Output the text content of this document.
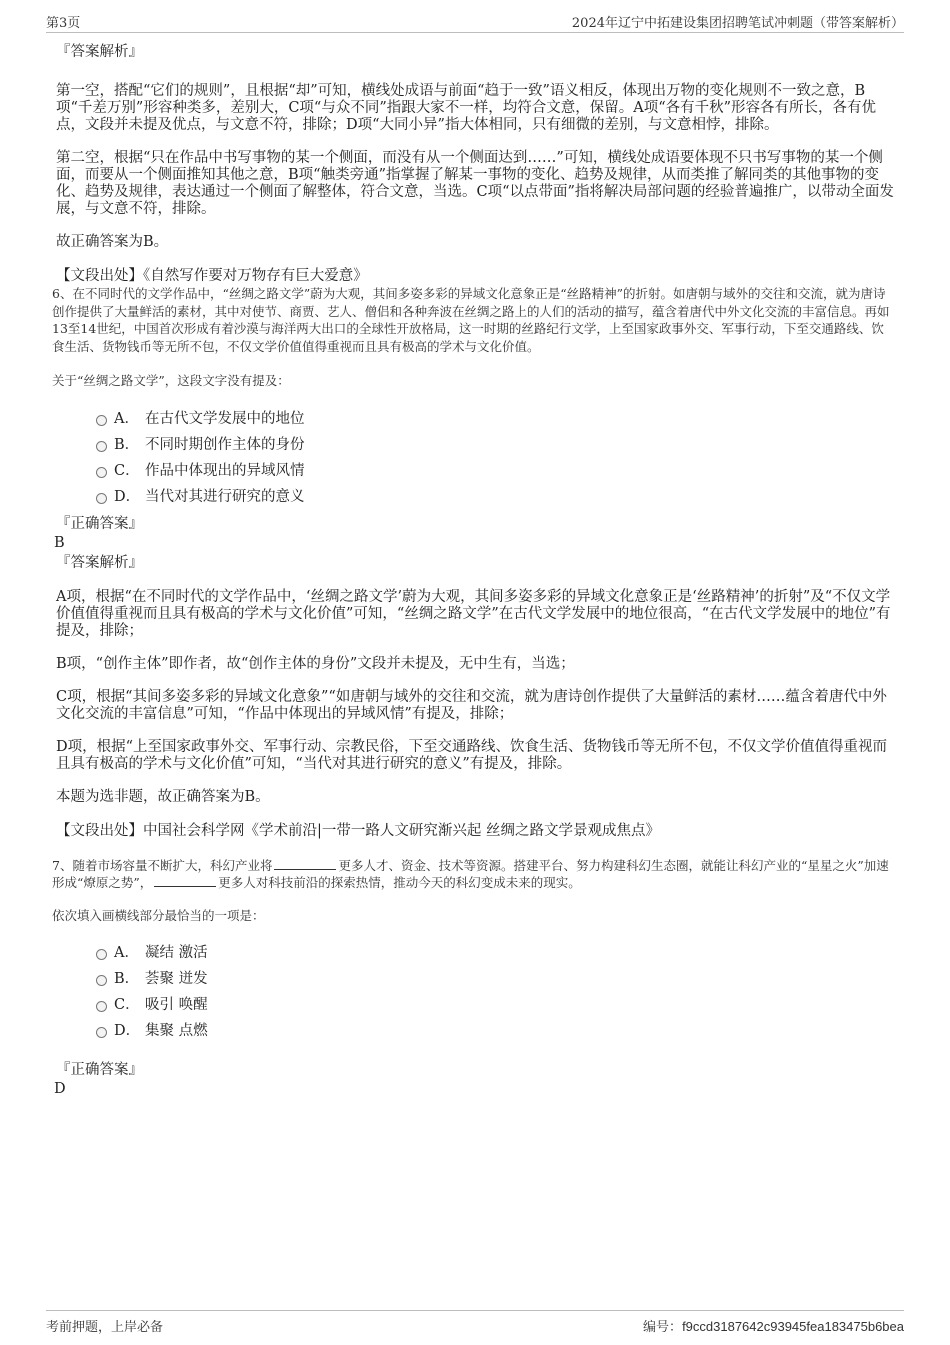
第3页	2024年辽宁中拓建设集团招聘笔试冲刺题（带答案解析）
『答案解析』

第一空，搭配“它们的规则”，且根据“却”可知，横线处成语与前面“趋于一致”语义相反，体现出万物的变化规则不一致之意，B项“千差万别”形容种类多，差别大，C项“与众不同”指跟大家不一样，均符合文意，保留。A项“各有千秋”形容各有所长，各有优点，文段并未提及优点，与文意不符，排除；D项“大同小异”指大体相同，只有细微的差别，与文意相悖，排除。

第二空，根据“只在作品中书写事物的某一个侧面，而没有从一个侧面达到……”可知，横线处成语要体现不只书写事物的某一个侧面，而要从一个侧面推知其他之意，B项“触类旁通”指掌握了解某一事物的变化、趋势及规律，从而类推了解同类的其他事物的变化、趋势及规律，表达通过一个侧面了解整体，符合文意，当选。C项“以点带面”指将解决局部问题的经验普遍推广，以带动全面发展，与文意不符，排除。

故正确答案为B。

【文段出处】《自然写作要对万物存有巨大爱意》

6、在不同时代的文学作品中，“丝绸之路文学”蔚为大观，其间多姿多彩的异域文化意象正是“丝路精神”的折射。如唐朝与域外的交往和交流，就为唐诗创作提供了大量鲜活的素材，其中对使节、商贾、艺人、僧侣和各种奔波在丝绸之路上的人们的活动的描写，蕴含着唐代中外文化交流的丰富信息。再如13至14世纪，中国首次形成有着沙漠与海洋两大出口的全球性开放格局，这一时期的丝路纪行文学，上至国家政事外交、军事行动，下至交通路线、饮食生活、货物钱币等无所不包，不仅文学价值值得重视而且具有极高的学术与文化价值。

关于“丝绸之路文学”，这段文字没有提及：

A． 在古代文学发展中的地位
B． 不同时期创作主体的身份
C． 作品中体现出的异域风情
D． 当代对其进行研究的意义
『正确答案』
B
『答案解析』

A项，根据“在不同时代的文学作品中，‘丝绸之路文学’蔚为大观，其间多姿多彩的异域文化意象正是‘丝路精神’的折射”及“不仅文学价值值得重视而且具有极高的学术与文化价值”可知，“丝绸之路文学”在古代文学发展中的地位很高，“在古代文学发展中的地位”有提及，排除；

B项，“创作主体”即作者，故“创作主体的身份”文段并未提及，无中生有，当选；

C项，根据“其间多姿多彩的异域文化意象”“如唐朝与域外的交往和交流，就为唐诗创作提供了大量鲜活的素材……蕴含着唐代中外文化交流的丰富信息”可知，“作品中体现出的异域风情”有提及，排除；

D项，根据“上至国家政事外交、军事行动、宗教民俗，下至交通路线、饮食生活、货物钱币等无所不包，不仅文学价值值得重视而且具有极高的学术与文化价值”可知，“当代对其进行研究的意义”有提及，排除。

本题为选非题，故正确答案为B。

【文段出处】中国社会科学网《学术前沿|一带一路人文研究渐兴起 丝绸之路文学景观成焦点》

7、随着市场容量不断扩大，科幻产业将	更多人才、资金、技术等资源。搭建平台、努力构建科幻生态圈，就能让科幻产业的“星星之火”加速形成“燎原之势”，	更多人对科技前沿的探索热情，推动今天的科幻变成未来的现实。

依次填入画横线部分最恰当的一项是：

A． 凝结 激活
B． 荟聚 迸发
C． 吸引 唤醒
D． 集聚 点燃
『正确答案』
D
考前押题，上岸必备	编号：f9ccd3187642c93945fea183475b6bea
